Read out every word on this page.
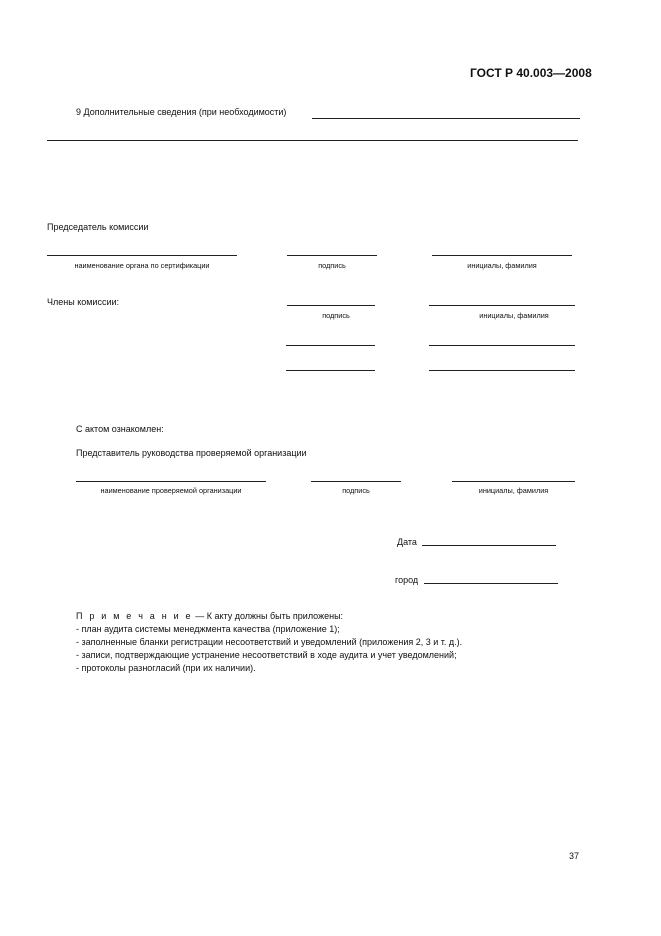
ГОСТ Р 40.003—2008
9 Дополнительные сведения (при необходимости)
Председатель комиссии
наименование органа по сертификации	подпись	инициалы, фамилия
Члены комиссии:
подпись	инициалы, фамилия
С актом ознакомлен:
Представитель руководства проверяемой организации
наименование проверяемой организации	подпись	инициалы, фамилия
Дата
город
П р и м е ч а н и е — К акту должны быть приложены:
- план аудита системы менеджмента качества (приложение 1);
- заполненные бланки регистрации несоответствий и уведомлений (приложения 2, 3 и т. д.).
- записи, подтверждающие устранение несоответствий в ходе аудита и учет уведомлений;
- протоколы разногласий (при их наличии).
37
